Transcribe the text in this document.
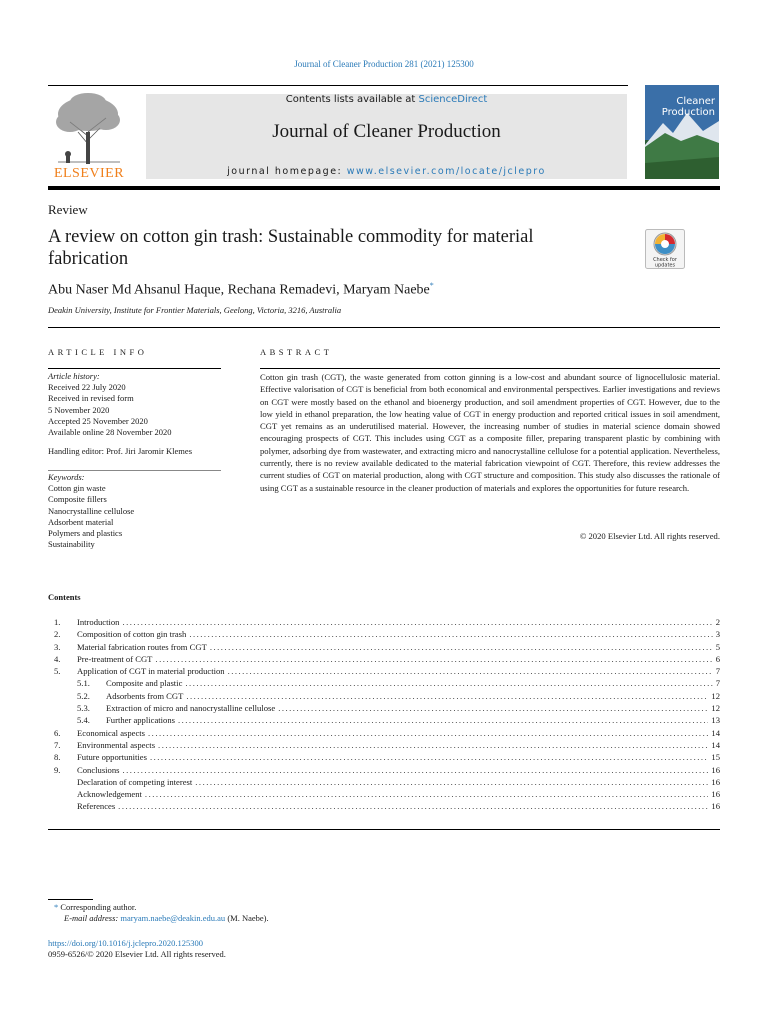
Journal of Cleaner Production 281 (2021) 125300
ELSEVIER
Contents lists available at ScienceDirect
Journal of Cleaner Production
journal homepage: www.elsevier.com/locate/jclepro
Cleaner
Production
Review
A review on cotton gin trash: Sustainable commodity for material fabrication	Check for
updates
Abu Naser Md Ahsanul Haque, Rechana Remadevi, Maryam Naebe*
Deakin University, Institute for Frontier Materials, Geelong, Victoria, 3216, Australia
ARTICLE INFO	ABSTRACT
Article history:
Received 22 July 2020
Received in revised form
5 November 2020
Accepted 25 November 2020
Available online 28 November 2020
Handling editor: Prof. Jiri Jaromir Klemes
Keywords:
Cotton gin waste
Composite fillers
Nanocrystalline cellulose
Adsorbent material
Polymers and plastics
Sustainability
Cotton gin trash (CGT), the waste generated from cotton ginning is a low-cost and abundant source of lignocellulosic material. Effective valorisation of CGT is beneficial from both economical and environmental perspectives. Earlier investigations and reviews on CGT were mostly based on the ethanol and bioenergy production, and soil amendment properties of CGT. However, due to the low yield in ethanol preparation, the low heating value of CGT in energy production and reported critical issues in soil amendment, CGT yet remains as an underutilised material. However, the increasing number of studies in material science domain showed encouraging prospects of CGT. This includes using CGT as a composite filler, preparing transparent plastic by combining with polymer, adsorbing dye from wastewater, and extracting micro and nanocrystalline cellulose for a potential application. Nevertheless, currently, there is no review available dedicated to the material fabrication viewpoint of CGT. Therefore, this review addresses the current studies of CGT on material production, along with CGT structure and composition. This study also discusses the rationale of using CGT as a sustainable resource in the cleaner production of materials and explores the opportunities for future research.
© 2020 Elsevier Ltd. All rights reserved.
Contents
1.	Introduction .....	2
2.	Composition of cotton gin trash .....	3
3.	Material fabrication routes from CGT .....	5
4.	Pre-treatment of CGT .....	6
5.	Application of CGT in material production .....	7
5.1.	Composite and plastic .....	7
5.2.	Adsorbents from CGT .....	12
5.3.	Extraction of micro and nanocrystalline cellulose .....	12
5.4.	Further applications .....	13
6.	Economical aspects .....	14
7.	Environmental aspects .....	14
8.	Future opportunities .....	15
9.	Conclusions .....	16
Declaration of competing interest .....	16
Acknowledgement .....	16
References .....	16
* Corresponding author.
E-mail address: maryam.naebe@deakin.edu.au (M. Naebe).
https://doi.org/10.1016/j.jclepro.2020.125300
0959-6526/© 2020 Elsevier Ltd. All rights reserved.
